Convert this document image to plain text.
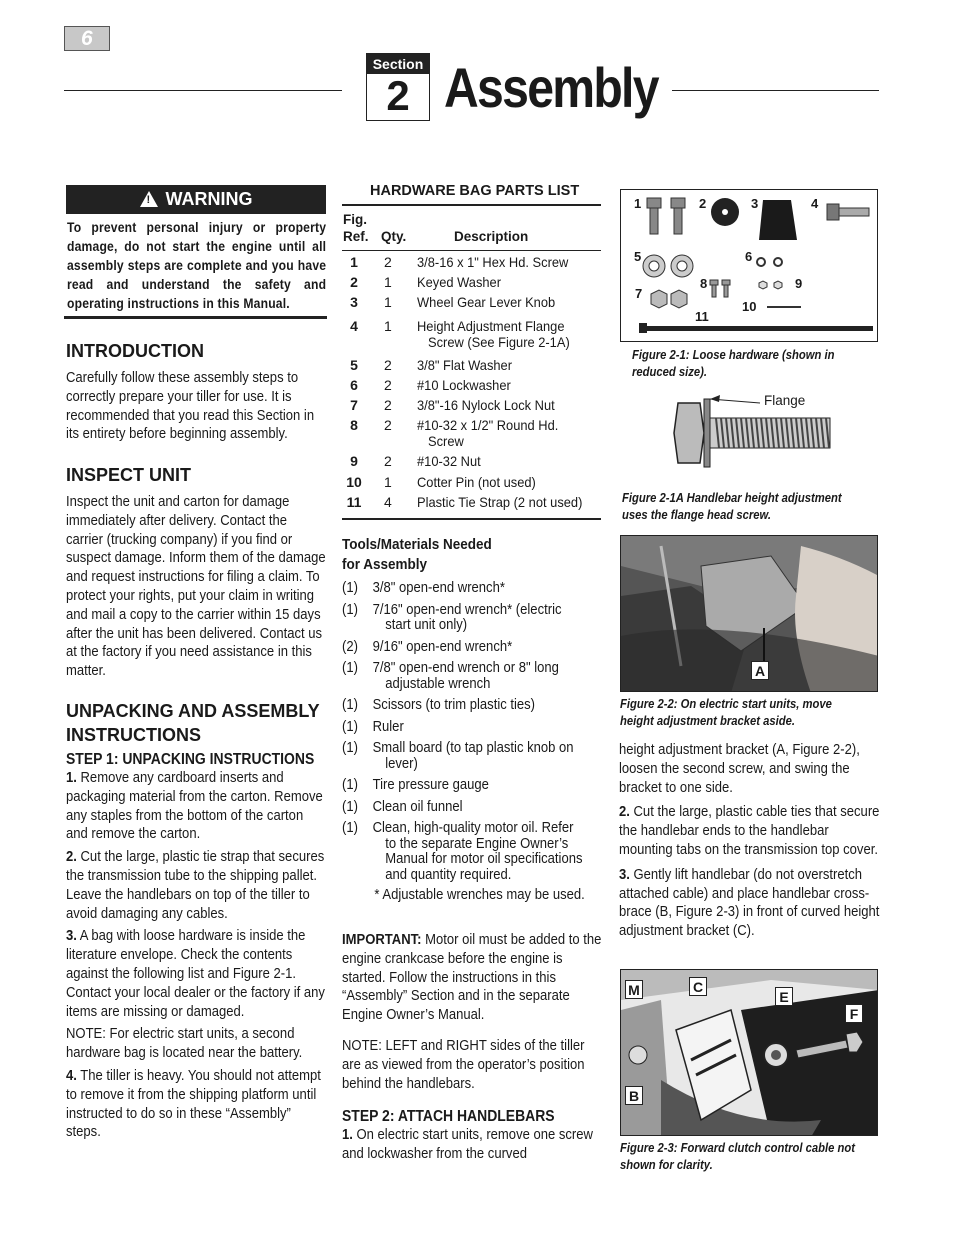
6
Section
2 Assembly
! WARNING
To prevent personal injury or property damage, do not start the engine until all assembly steps are complete and you have read and understand the safety and operating instructions in this Manual.
INTRODUCTION
Carefully follow these assembly steps to correctly prepare your tiller for use. It is recommended that you read this Section in its entirety before beginning assembly.
INSPECT UNIT
Inspect the unit and carton for damage immediately after delivery. Contact the carrier (trucking company) if you find or suspect damage. Inform them of the damage and request instructions for filing a claim. To protect your rights, put your claim in writing and mail a copy to the carrier within 15 days after the unit has been delivered. Contact us at the factory if you need assistance in this matter.
UNPACKING AND ASSEMBLY
INSTRUCTIONS
STEP 1: UNPACKING INSTRUCTIONS

1. Remove any cardboard inserts and packaging material from the carton. Remove any staples from the bottom of the carton and remove the carton.

2. Cut the large, plastic tie strap that secures the transmission tube to the shipping pallet. Leave the handlebars on top of the tiller to avoid damaging any cables.

3. A bag with loose hardware is inside the literature envelope. Check the contents against the following list and Figure 2-1. Contact your local dealer or the factory if any items are missing or damaged.

NOTE: For electric start units, a second hardware bag is located near the battery.

4. The tiller is heavy. You should not attempt to remove it from the shipping platform until instructed to do so in these “Assembly” steps.

HARDWARE BAG PARTS LIST
Fig.
Ref. Qty.	Description
1	2 3/8-16 x 1" Hex Hd. Screw
2	1 Keyed Washer
3	1 Wheel Gear Lever Knob
4	1 Height Adjustment Flange
Screw (See Figure 2-1A)
5	2 3/8" Flat Washer
6	2 #10 Lockwasher
7	2 3/8"-16 Nylock Lock Nut
8	2 #10-32 x 1/2" Round Hd.
Screw
9	2 #10-32 Nut
10	1 Cotter Pin (not used)
11	4 Plastic Tie Strap (2 not used)
Tools/Materials Needed
for Assembly
(1) 3/8" open-end wrench*
(1) 7/16" open-end wrench* (electric
start unit only)
(2) 9/16" open-end wrench*
(1) 7/8" open-end wrench or 8" long
adjustable wrench
(1) Scissors (to trim plastic ties)
(1) Ruler
(1) Small board (to tap plastic knob on
lever)
(1) Tire pressure gauge
(1) Clean oil funnel
(1) Clean, high-quality motor oil. Refer
to the separate Engine Owner’s
Manual for motor oil specifications
and quantity required.
* Adjustable wrenches may be used.

IMPORTANT: Motor oil must be added to the engine crankcase before the engine is started. Follow the instructions in this “Assembly” Section and in the separate Engine Owner’s Manual.

NOTE: LEFT and RIGHT sides of the tiller are as viewed from the operator’s position behind the handlebars.

STEP 2: ATTACH HANDLEBARS

1. On electric start units, remove one screw and lockwasher from the curved

1	2	3	4
5	6
7
8	9
10
11
Figure 2-1: Loose hardware (shown in reduced size).
Flange
Figure 2-1A Handlebar height adjustment uses the flange head screw.
A
Figure 2-2: On electric start units, move height adjustment bracket aside.

height adjustment bracket (A, Figure 2-2), loosen the second screw, and swing the bracket to one side.

2. Cut the large, plastic cable ties that secure the handlebar ends to the handlebar mounting tabs on the transmission top cover.

3. Gently lift handlebar (do not overstretch attached cable) and place handlebar cross-brace (B, Figure 2-3) in front of curved height adjustment bracket (C).

M	C
E
F
B
Figure 2-3: Forward clutch control cable not shown for clarity.
